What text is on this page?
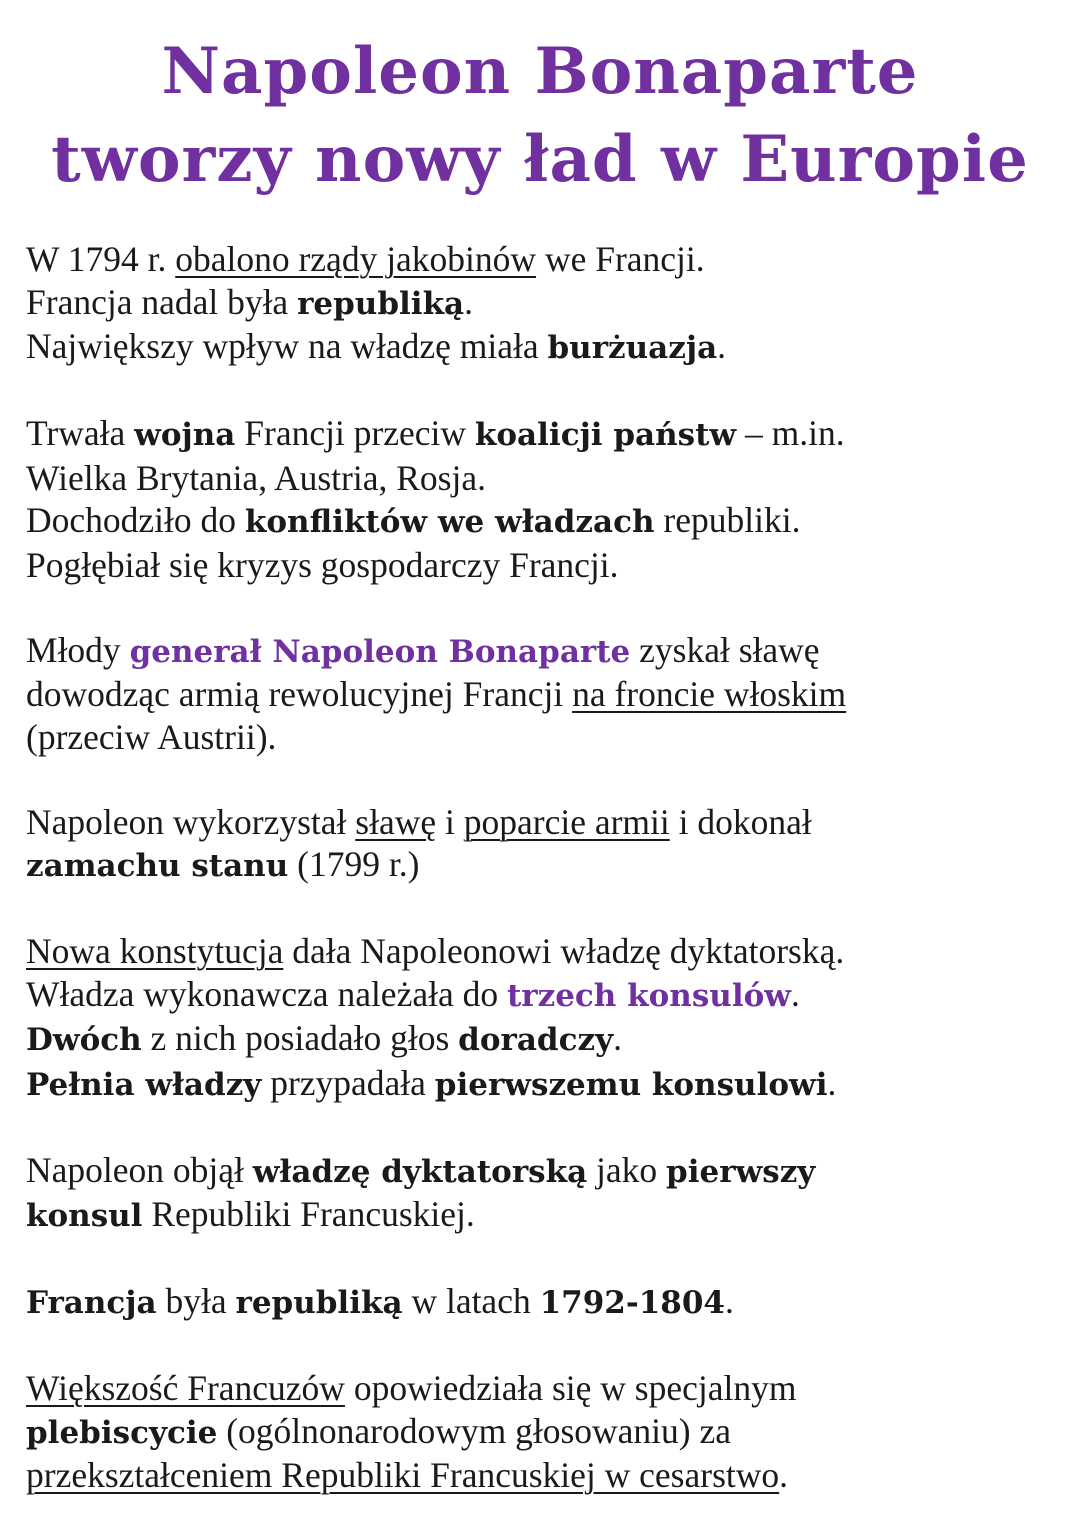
Napoleon Bonaparte
tworzy nowy ład w Europie

W 1794 r. obalono rządy jakobinów we Francji.
Francja nadal była republiką.
Największy wpływ na władzę miała burżuazja.

Trwała wojna Francji przeciw koalicji państw – m.in.
Wielka Brytania, Austria, Rosja.
Dochodziło do konfliktów we władzach republiki.
Pogłębiał się kryzys gospodarczy Francji.

Młody generał Napoleon Bonaparte zyskał sławę
dowodząc armią rewolucyjnej Francji na froncie włoskim
(przeciw Austrii).

Napoleon wykorzystał sławę i poparcie armii i dokonał
zamachu stanu (1799 r.)

Nowa konstytucja dała Napoleonowi władzę dyktatorską.
Władza wykonawcza należała do trzech konsulów.
Dwóch z nich posiadało głos doradczy.
Pełnia władzy przypadała pierwszemu konsulowi.

Napoleon objął władzę dyktatorską jako pierwszy
konsul Republiki Francuskiej.

Francja była republiką w latach 1792-1804.

Większość Francuzów opowiedziała się w specjalnym
plebiscycie (ogólnonarodowym głosowaniu) za
przekształceniem Republiki Francuskiej w cesarstwo.
